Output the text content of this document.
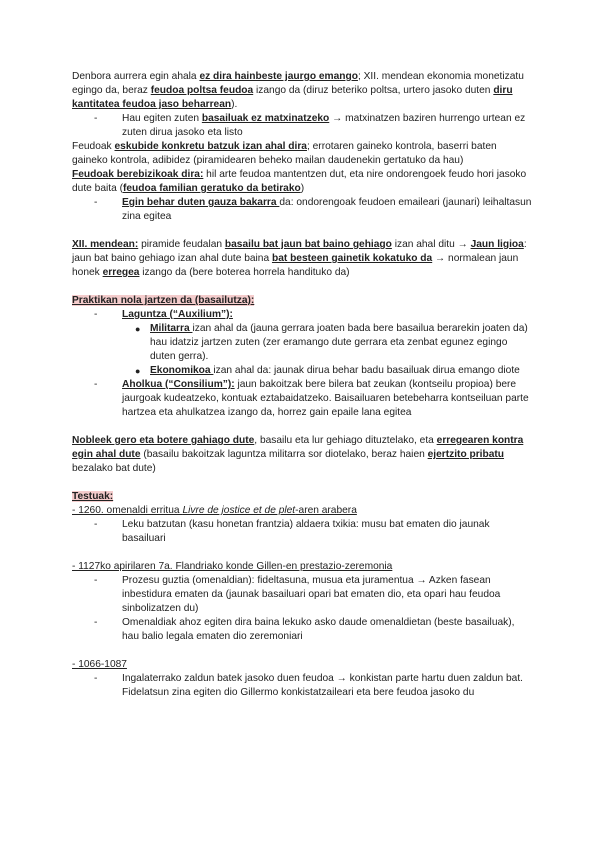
Denbora aurrera egin ahala ez dira hainbeste jaurgo emango; XII. mendean ekonomia monetizatu egingo da, beraz feudoa poltsa feudoa izango da (diruz beteriko poltsa, urtero jasoko duten diru kantitatea feudoa jaso beharrean).

- Hau egiten zuten basailuak ez matxinatzeko → matxinatzen baziren hurrengo urtean ez zuten dirua jasoko eta listo

Feudoak eskubide konkretu batzuk izan ahal dira; errotaren gaineko kontrola, baserri baten gaineko kontrola, adibidez (piramidearen beheko mailan daudenekin gertatuko da hau)

Feudoak berebizikoak dira: hil arte feudoa mantentzen dut, eta nire ondorengoek feudo hori jasoko dute baita (feudoa familian geratuko da betirako)

- Egin behar duten gauza bakarra da: ondorengoak feudoen emaileari (jaunari) leihaltasun zina egitea

XII. mendean: piramide feudalan basailu bat jaun bat baino gehiago izan ahal ditu → Jaun ligioa: jaun bat baino gehiago izan ahal dute baina bat besteen gainetik kokatuko da → normalean jaun honek erregea izango da (bere boterea horrela handituko da)

Praktikan nola jartzen da (basailutza):

- Laguntza (“Auxilium”):

● Militarra izan ahal da (jauna gerrara joaten bada bere basailua berarekin joaten da) hau idatziz jartzen zuten (zer eramango dute gerrara eta zenbat egunez egingo duten gerra).

● Ekonomikoa izan ahal da: jaunak dirua behar badu basailuak dirua emango diote

- Aholkua (“Consilium”): jaun bakoitzak bere bilera bat zeukan (kontseilu propioa) bere jaurgoak kudeatzeko, kontuak eztabaidatzeko. Baisailuaren betebeharra kontseiluan parte hartzea eta ahulkatzea izango da, horrez gain epaile lana egitea

Nobleek gero eta botere gahiago dute, basailu eta lur gehiago dituztelako, eta erregearen kontra egin ahal dute (basailu bakoitzak laguntza militarra sor diotelako, beraz haien ejertzito pribatu bezalako bat dute)

Testuak:

- 1260. omenaldi erritua Livre de jostice et de plet-aren arabera

- Leku batzutan (kasu honetan frantzia) aldaera txikia: musu bat ematen dio jaunak basailuari

- 1127ko apirilaren 7a. Flandriako konde Gillen-en prestazio-zeremonia

- Prozesu guztia (omenaldian): fideltasuna, musua eta juramentua → Azken fasean inbestidura ematen da (jaunak basailuari opari bat ematen dio, eta opari hau feudoa sinbolizatzen du)

- Omenaldiak ahoz egiten dira baina lekuko asko daude omenaldietan (beste basailuak), hau balio legala ematen dio zeremoniari

- 1066-1087

- Ingalaterrako zaldun batek jasoko duen feudoa → konkistan parte hartu duen zaldun bat. Fidelatsun zina egiten dio Gillermo konkistatzaileari eta bere feudoa jasoko du
